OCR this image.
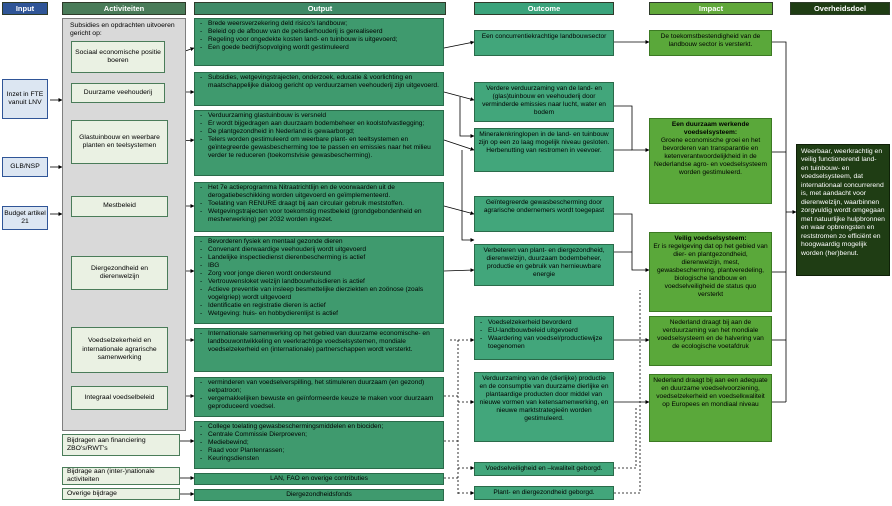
Input	Activiteiten	Output	Outcome	Impact	Overheidsdoel
Inzet in FTE vanuit LNV
GLB/NSP
Budget artikel 21
Subsidies en opdrachten uitvoeren gericht op:
Sociaal economische positie boeren
Duurzame veehouderij
Glastuinbouw en weerbare planten en teelsystemen
Mestbeleid
Diergezondheid en dierenwelzijn
Voedselzekerheid en internationale agrarische samenwerking
Integraal voedselbeleid
Bijdragen aan financiering ZBO's/RWT's
Bijdrage aan (inter-)nationale activiteiten
Overige bijdrage
- Brede weersverzekering deld risico's landbouw;
- Beleid op de afbouw van de pelsdierhouderij is gerealiseerd
- Regeling voor ongedekte kosten land- en tuinbouw is uitgevoerd;
- Een goede bedrijfsopvolging wordt gestimuleerd
- Subsidies, wetgevingstrajecten, onderzoek, educatie & voorlichting en maatschappelijke dialoog gericht op verduurzamen veehouderij zijn uitgevoerd.
- Verduurzaming glastuinbouw is versneld
- Er wordt bijgedragen aan duurzaam bodembeheer en koolstofvastlegging;
- De plantgezondheid in Nederland is gewaarborgd;
- Telers worden gestimuleerd om weerbare plant- en teeltsystemen en geïntegreerde gewasbescherming toe te passen en emissies naar het milieu verder te reduceren (toekomstvisie gewasbescherming).
- Het 7e actieprogramma Nitraatrichtlijn en de voorwaarden uit de derogatiebeschikking worden uitgevoerd en geïmplementeerd.
- Toelating van RENURE draagt bij aan circulair gebruik meststoffen.
- Wetgevingstrajecten voor toekomstig mestbeleid (grondgebondenheid en mestverwerking) per 2032 worden ingezet.
- Bevorderen fysiek en mentaal gezonde dieren
- Convenant dierwaardige veehouderij wordt uitgevoerd
- Landelijke inspectiedienst dierenbescherming is actief
- IBG
- Zorg voor jonge dieren wordt ondersteund
- Vertrouwensloket welzijn landbouwhuisdieren is actief
- Actieve preventie van insleep besmettelijke dierziekten en zoönose (zoals vogelgriep) wordt uitgevoerd
- Identificatie en registratie dieren is actief
- Wetgeving: huis- en hobbydierenlijst is actief
- Internationale samenwerking op het gebied van duurzame economische- en landbouwontwikkeling en veerkrachtige voedselsystemen, mondiale voedselzekerheid en (internationale) partnerschappen wordt versterkt.
- verminderen van voedselverspilling, het stimuleren duurzaam (en gezond) eetpatroon;
- vergemakkelijken bewuste en geïnformeerde keuze te maken voor duurzaam geproduceerd voedsel.
- College toelating gewasbeschermingsmiddelen en biociden;
- Centrale Commissie Dierproeven;
- Mediebewind;
- Raad voor Plantenrassen;
- Keuringsdiensten
LAN, FAO en overige contributies
Diergezondheidsfonds
Een concurrentiekrachtige landbouwsector
Verdere verduurzaming van de land- en (glas)tuinbouw en veehouderij door verminderde emissies naar lucht, water en bodem
Mineralenkringlopen in de land- en tuinbouw zijn op een zo laag mogelijk niveau gesloten. Herbenutting van restromen in veevoer.
Geïntegreerde gewasbescherming door agrarische ondernemers wordt toegepast
Verbeteren van plant- en diergezondheid, dierenwelzijn, duurzaam bodembeheer, productie en gebruik van hernieuwbare energie
- Voedselzekerheid bevorderd
- EU-landbouwbeleid uitgevoerd
- Waardering van voedsel/productiewijze toegenomen
Verduurzaming van de (dierlijke) productie en de consumptie van duurzame dierlijke en plantaardige producten door middel van nieuwe vormen van ketensamenwerking, en nieuwe marktstrategieën worden gestimuleerd.
Voedselveiligheid en –kwaliteit geborgd.
Plant- en diergezondheid geborgd.
De toekomstbestendigheid van de landbouw sector is versterkt.
Een duurzaam werkende voedselsysteem:
Groene economische groei en het bevorderen van transparantie en ketenverantwoordelijkheid in de Nederlandse agro- en voedselsysteem worden gestimuleerd.
Veilig voedselsysteem:
Er is regelgeving dat op het gebied van dier- en plantgezondheid, dierenwelzijn, mest, gewasbescherming, plantveredeling, biologische landbouw en voedselveiligheid de status quo versterkt
Nederland draagt bij aan de verduurzaming van het mondiale voedselsysteem en de halvering van de ecologische voetafdruk
Nederland draagt bij aan een adequate en duurzame voedselvoorziening, voedselzekerheid en voedselkwaliteit op Europees en mondiaal niveau
Weerbaar, weerkrachtig en veilig functionerend land- en tuinbouw- en voedselsysteem, dat internationaal concurrerend is, met aandacht voor dierenwelzijn, waarbinnen zorgvuldig wordt omgegaan met natuurlijke hulpbronnen en waar opbrengsten en reststromen zo efficiënt en hoogwaardig mogelijk worden (her)benut.
